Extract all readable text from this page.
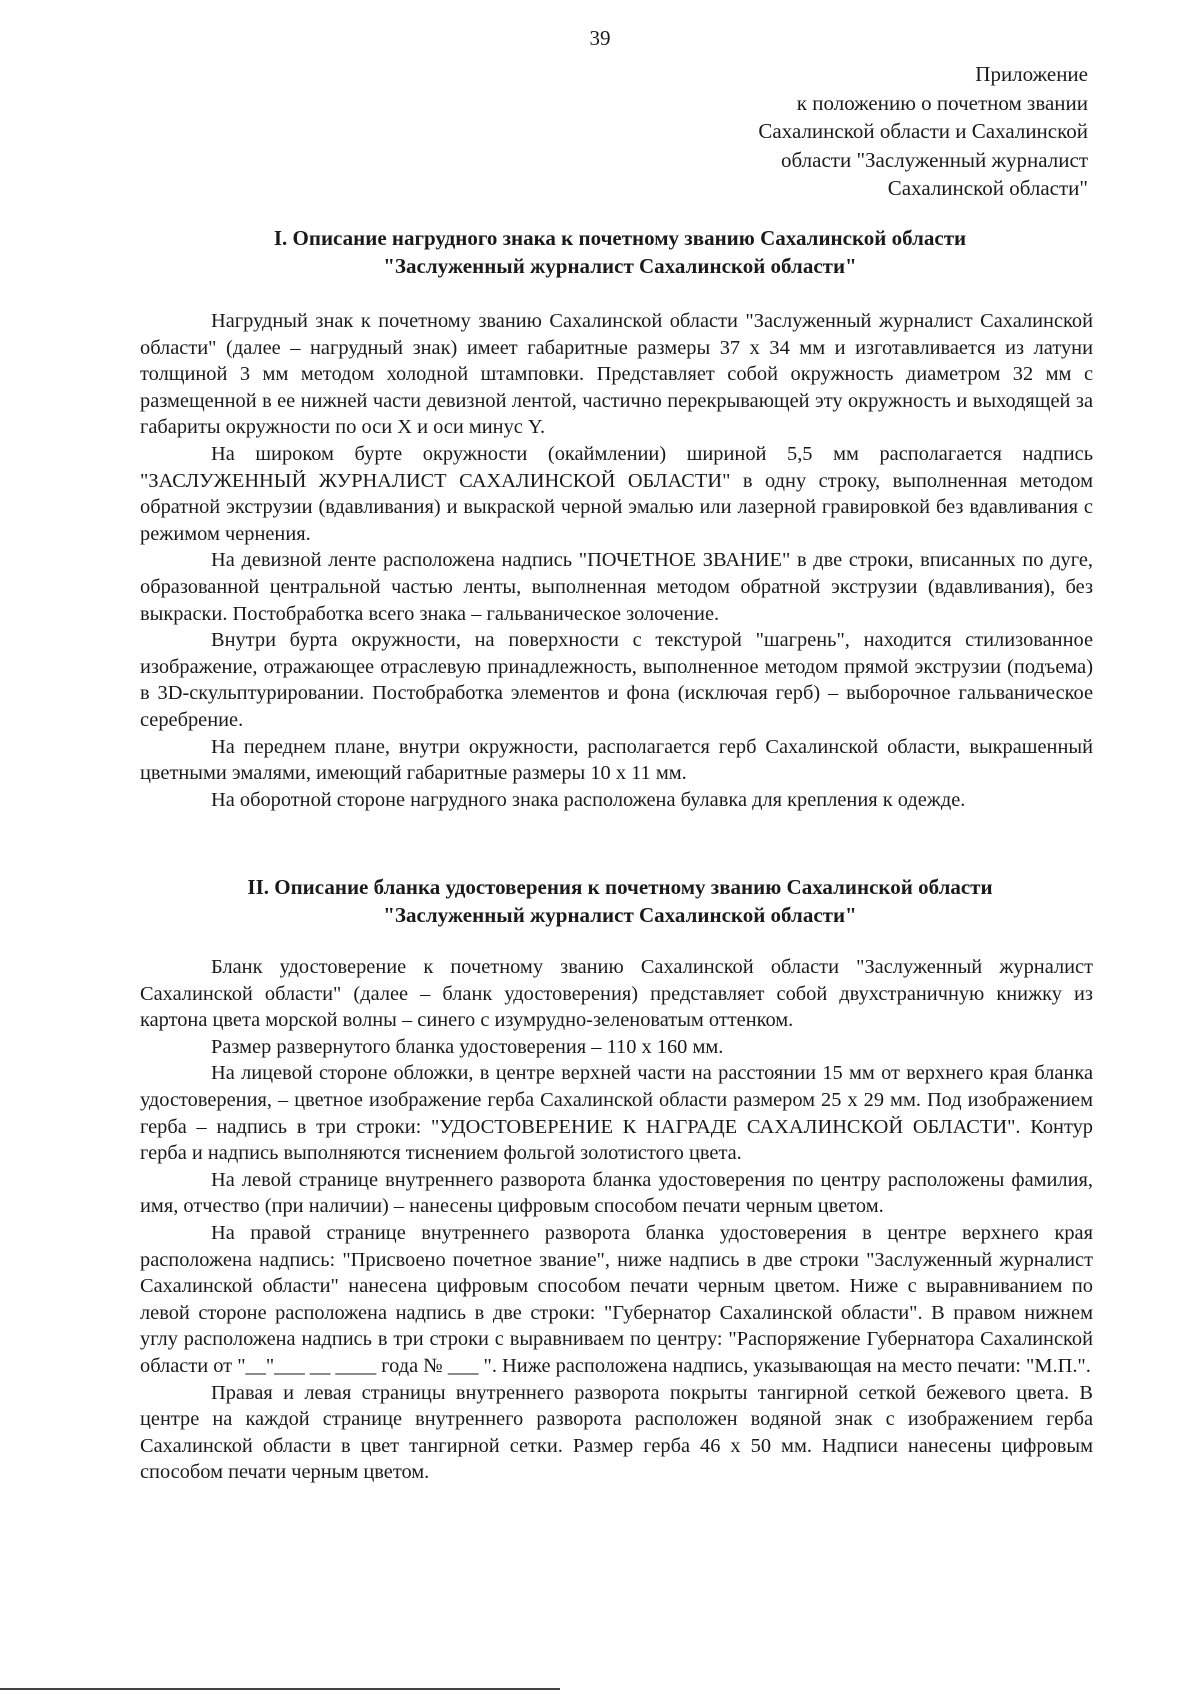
39
Приложение
к положению о почетном звании
Сахалинской области и Сахалинской
области "Заслуженный журналист
Сахалинской области"
I. Описание нагрудного знака к почетному званию Сахалинской области
"Заслуженный журналист Сахалинской области"

Нагрудный знак к почетному званию Сахалинской области "Заслуженный журналист Сахалинской области" (далее – нагрудный знак) имеет габаритные размеры 37 x 34 мм и изготавливается из латуни толщиной 3 мм методом холодной штамповки. Представляет собой окружность диаметром 32 мм с размещенной в ее нижней части девизной лентой, частично перекрывающей эту окружность и выходящей за габариты окружности по оси X и оси минус Y.

На широком бурте окружности (окаймлении) шириной 5,5 мм располагается надпись "ЗАСЛУЖЕННЫЙ ЖУРНАЛИСТ САХАЛИНСКОЙ ОБЛАСТИ" в одну строку, выполненная методом обратной экструзии (вдавливания) и выкраской черной эмалью или лазерной гравировкой без вдавливания с режимом чернения.

На девизной ленте расположена надпись "ПОЧЕТНОЕ ЗВАНИЕ" в две строки, вписанных по дуге, образованной центральной частью ленты, выполненная методом обратной экструзии (вдавливания), без выкраски. Постобработка всего знака – гальваническое золочение.

Внутри бурта окружности, на поверхности с текстурой "шагрень", находится стилизованное изображение, отражающее отраслевую принадлежность, выполненное методом прямой экструзии (подъема) в 3D-скульптурировании. Постобработка элементов и фона (исключая герб) – выборочное гальваническое серебрение.

На переднем плане, внутри окружности, располагается герб Сахалинской области, выкрашенный цветными эмалями, имеющий габаритные размеры 10 x 11 мм.

На оборотной стороне нагрудного знака расположена булавка для крепления к одежде.

II. Описание бланка удостоверения к почетному званию Сахалинской области
"Заслуженный журналист Сахалинской области"

Бланк удостоверение к почетному званию Сахалинской области "Заслуженный журналист Сахалинской области" (далее – бланк удостоверения) представляет собой двухстраничную книжку из картона цвета морской волны – синего с изумрудно-зеленоватым оттенком.

Размер развернутого бланка удостоверения – 110 x 160 мм.

На лицевой стороне обложки, в центре верхней части на расстоянии 15 мм от верхнего края бланка удостоверения, – цветное изображение герба Сахалинской области размером 25 x 29 мм. Под изображением герба – надпись в три строки: "УДОСТОВЕРЕНИЕ К НАГРАДЕ САХАЛИНСКОЙ ОБЛАСТИ". Контур герба и надпись выполняются тиснением фольгой золотистого цвета.

На левой странице внутреннего разворота бланка удостоверения по центру расположены фамилия, имя, отчество (при наличии) – нанесены цифровым способом печати черным цветом.

На правой странице внутреннего разворота бланка удостоверения в центре верхнего края расположена надпись: "Присвоено почетное звание", ниже надпись в две строки "Заслуженный журналист Сахалинской области" нанесена цифровым способом печати черным цветом. Ниже с выравниванием по левой стороне расположена надпись в две строки: "Губернатор Сахалинской области". В правом нижнем углу расположена надпись в три строки с выравниваем по центру: "Распоряжение Губернатора Сахалинской области от "__"___ __ ____ года № ___ ". Ниже расположена надпись, указывающая на место печати: "М.П.".

Правая и левая страницы внутреннего разворота покрыты тангирной сеткой бежевого цвета. В центре на каждой странице внутреннего разворота расположен водяной знак с изображением герба Сахалинской области в цвет тангирной сетки. Размер герба 46 x 50 мм. Надписи нанесены цифровым способом печати черным цветом.
